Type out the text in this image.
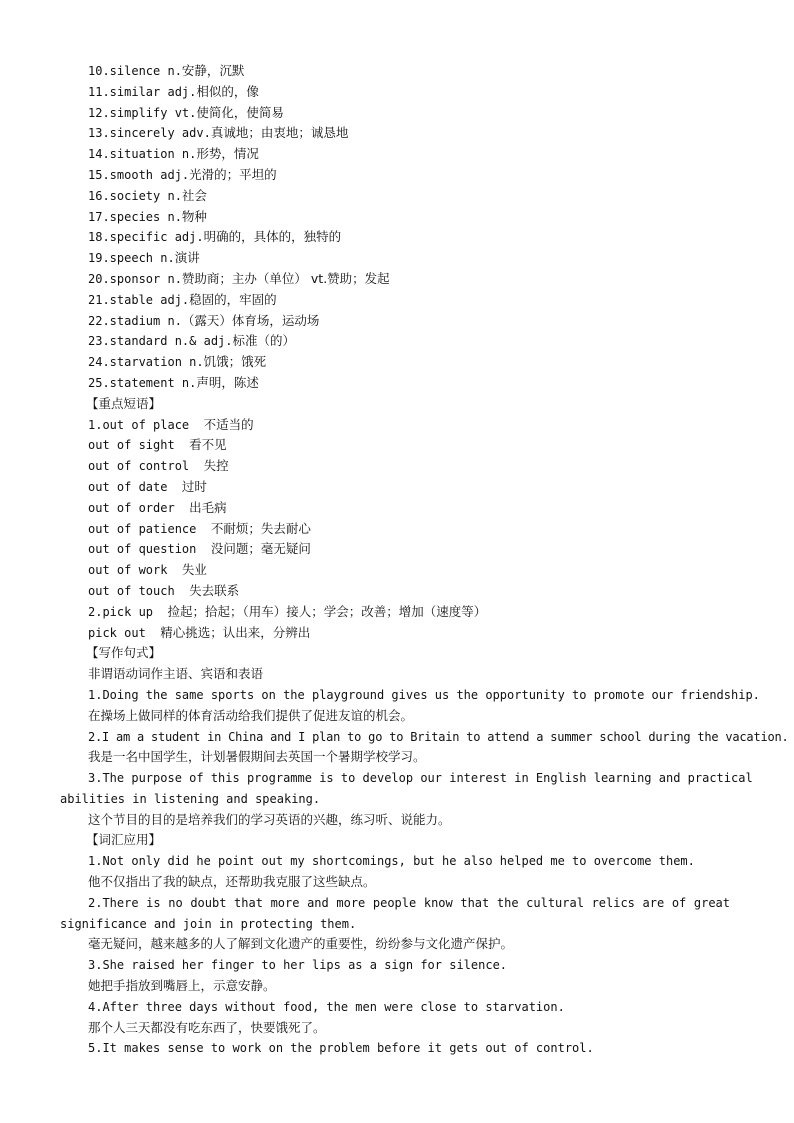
10.silence n.安静，沉默
11.similar adj.相似的，像
12.simplify vt.使简化，使简易
13.sincerely adv.真诚地；由衷地；诚恳地
14.situation n.形势，情况
15.smooth adj.光滑的；平坦的
16.society n.社会
17.species n.物种
18.specific adj.明确的，具体的，独特的
19.speech n.演讲
20.sponsor n.赞助商；主办（单位） vt.赞助；发起
21.stable adj.稳固的，牢固的
22.stadium n.（露天）体育场，运动场
23.standard n.& adj.标准（的）
24.starvation n.饥饿；饿死
25.statement n.声明，陈述
【重点短语】
1.out of place  不适当的
out of sight  看不见
out of control  失控
out of date  过时
out of order  出毛病
out of patience  不耐烦；失去耐心
out of question  没问题；毫无疑问
out of work  失业
out of touch  失去联系
2.pick up  捡起；拾起；（用车）接人；学会；改善；增加（速度等）
pick out  精心挑选；认出来，分辨出
【写作句式】
非谓语动词作主语、宾语和表语
1.Doing the same sports on the playground gives us the opportunity to promote our friendship.
在操场上做同样的体育活动给我们提供了促进友谊的机会。
2.I am a student in China and I plan to go to Britain to attend a summer school during the vacation.
我是一名中国学生，计划暑假期间去英国一个暑期学校学习。
3.The purpose of this programme is to develop our interest in English learning and practical
abilities in listening and speaking.
这个节目的目的是培养我们的学习英语的兴趣，练习听、说能力。
【词汇应用】
1.Not only did he point out my shortcomings, but he also helped me to overcome them.
他不仅指出了我的缺点，还帮助我克服了这些缺点。
2.There is no doubt that more and more people know that the cultural relics are of great
significance and join in protecting them.
毫无疑问，越来越多的人了解到文化遗产的重要性，纷纷参与文化遗产保护。
3.She raised her finger to her lips as a sign for silence.
她把手指放到嘴唇上，示意安静。
4.After three days without food, the men were close to starvation.
那个人三天都没有吃东西了，快要饿死了。
5.It makes sense to work on the problem before it gets out of control.
